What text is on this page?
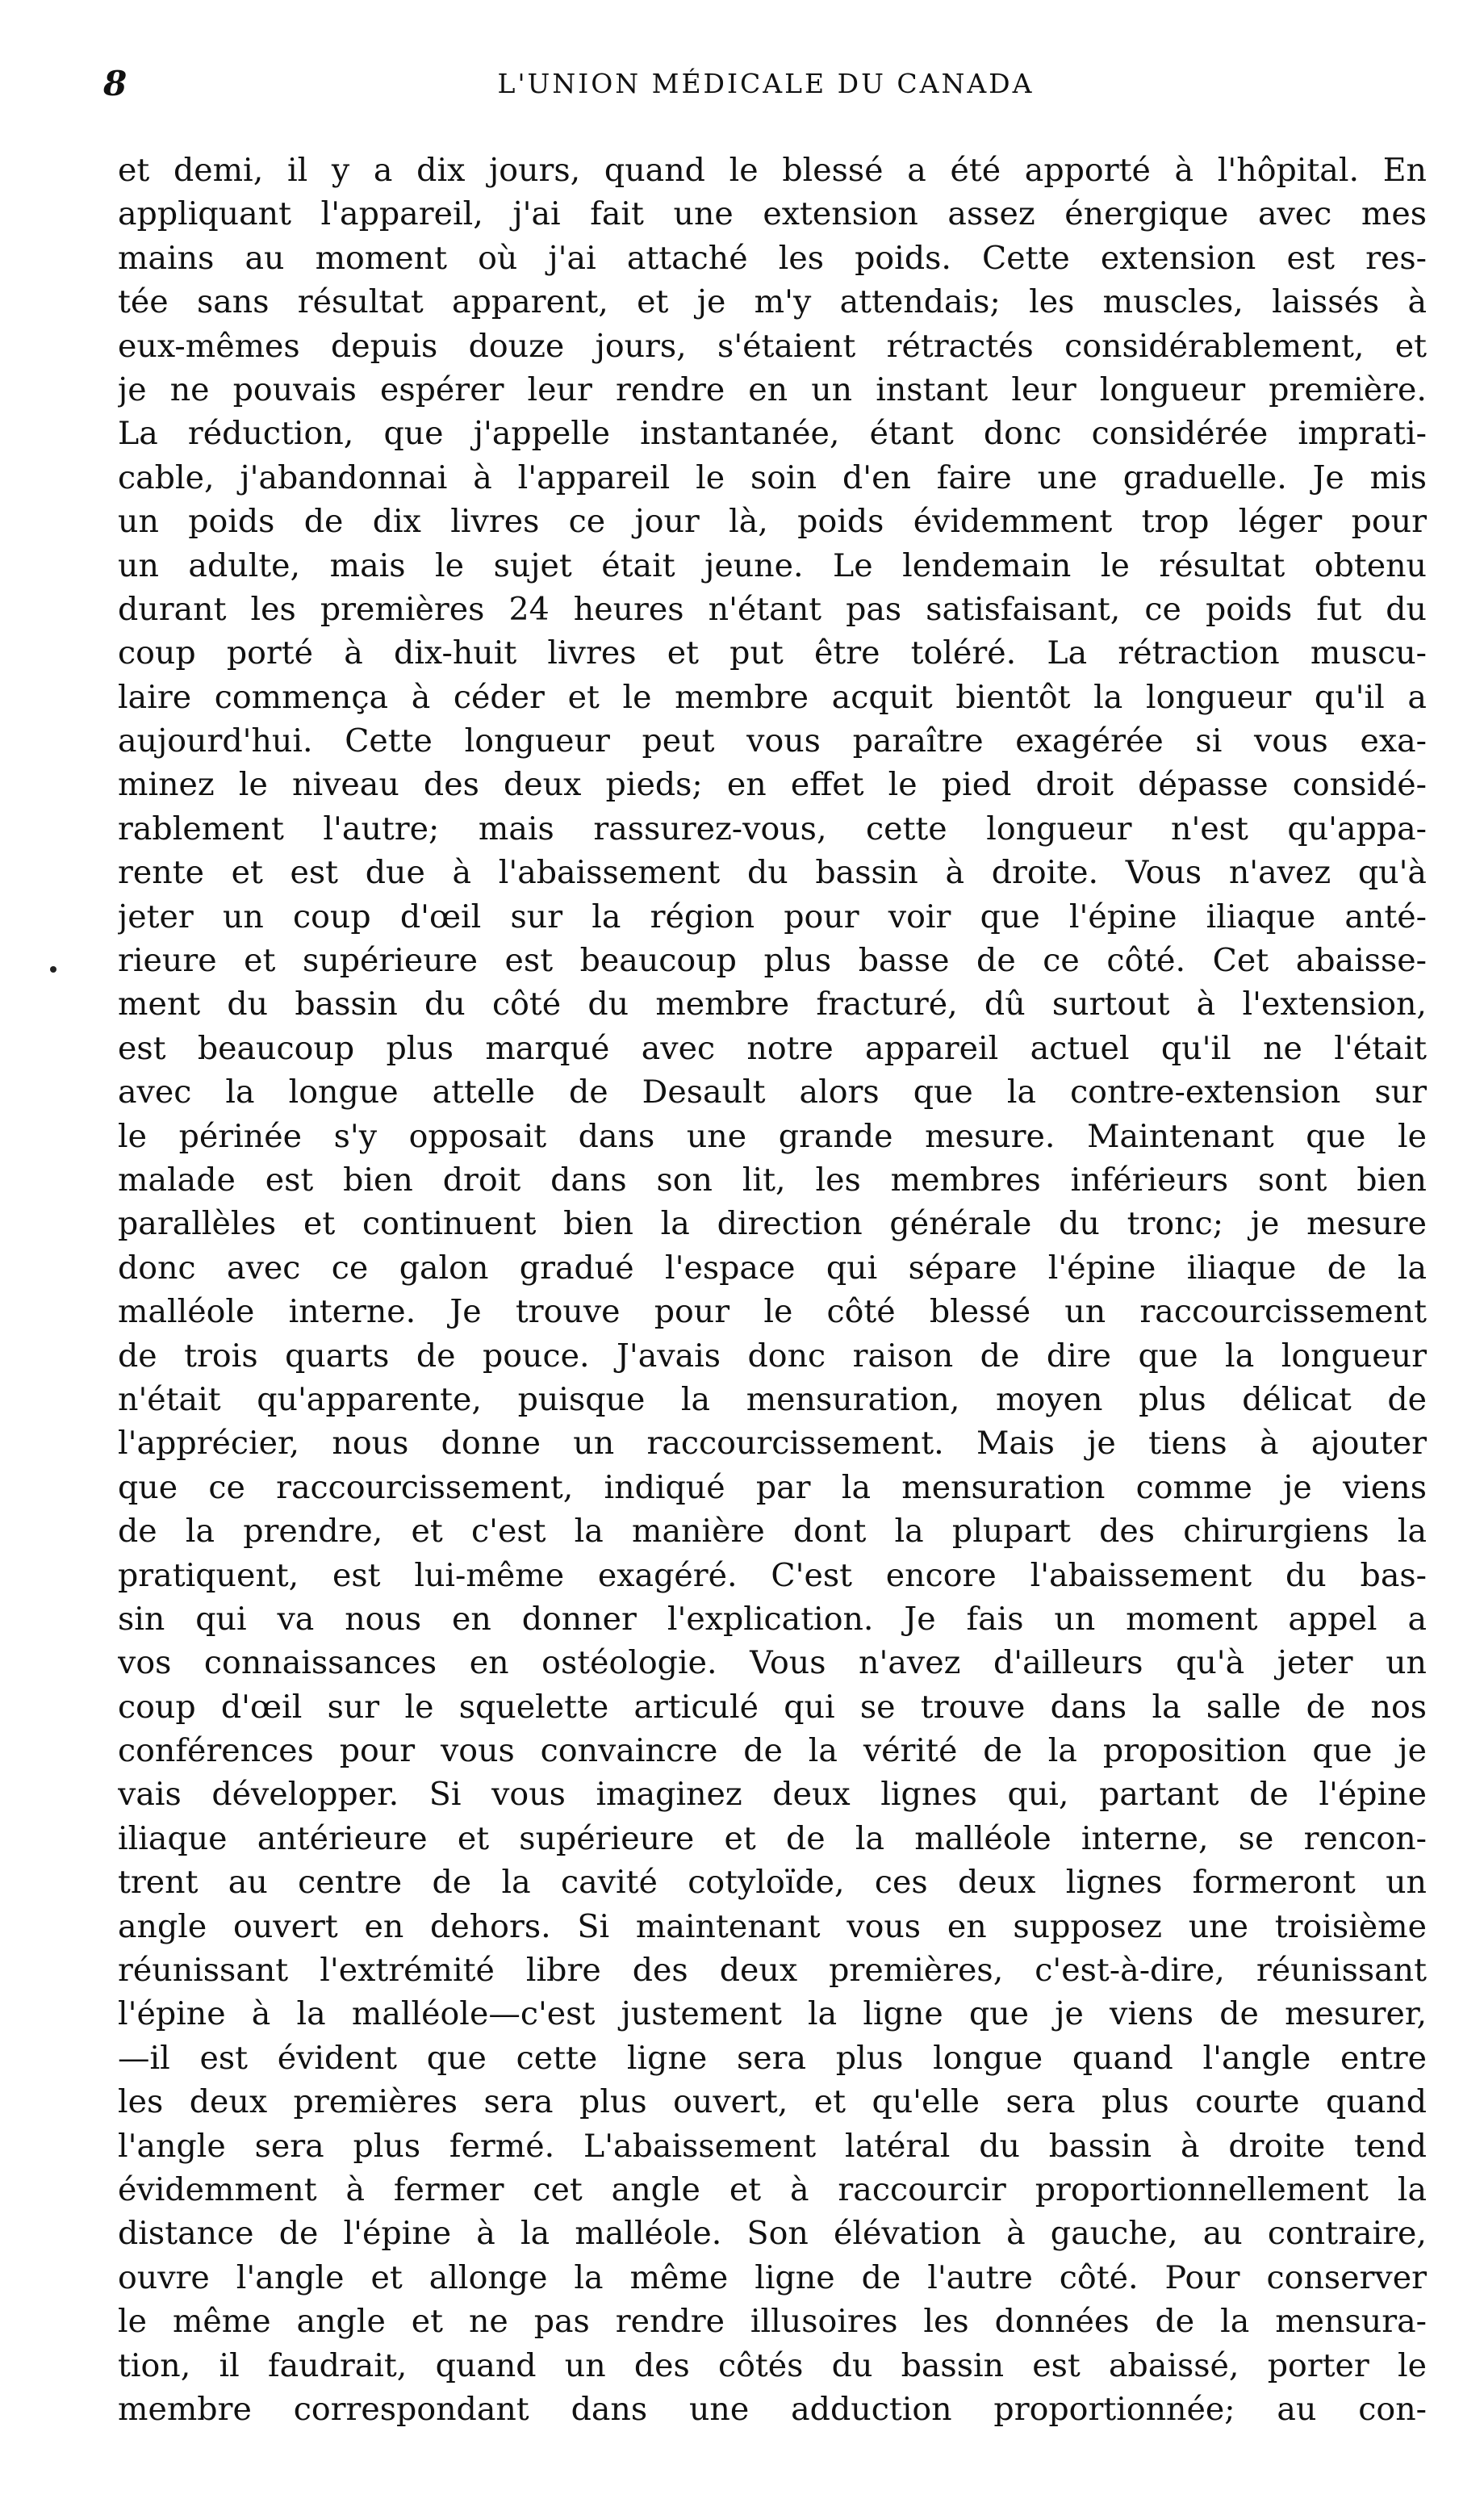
8	L'UNION MÉDICALE DU CANADA
et demi, il y a dix jours, quand le blessé a été apporté à l'hôpital. En
appliquant l'appareil, j'ai fait une extension assez énergique avec mes
mains au moment où j'ai attaché les poids. Cette extension est res-
tée sans résultat apparent, et je m'y attendais; les muscles, laissés à
eux-mêmes depuis douze jours, s'étaient rétractés considérablement, et
je ne pouvais espérer leur rendre en un instant leur longueur première.
La réduction, que j'appelle instantanée, étant donc considérée imprati-
cable, j'abandonnai à l'appareil le soin d'en faire une graduelle. Je mis
un poids de dix livres ce jour là, poids évidemment trop léger pour
un adulte, mais le sujet était jeune. Le lendemain le résultat obtenu
durant les premières 24 heures n'étant pas satisfaisant, ce poids fut du
coup porté à dix-huit livres et put être toléré. La rétraction muscu-
laire commença à céder et le membre acquit bientôt la longueur qu'il a
aujourd'hui. Cette longueur peut vous paraître exagérée si vous exa-
minez le niveau des deux pieds; en effet le pied droit dépasse considé-
rablement l'autre; mais rassurez-vous, cette longueur n'est qu'appa-
rente et est due à l'abaissement du bassin à droite. Vous n'avez qu'à
jeter un coup d'œil sur la région pour voir que l'épine iliaque anté-
rieure et supérieure est beaucoup plus basse de ce côté. Cet abaisse-
ment du bassin du côté du membre fracturé, dû surtout à l'extension,
est beaucoup plus marqué avec notre appareil actuel qu'il ne l'était
avec la longue attelle de Desault alors que la contre-extension sur
le périnée s'y opposait dans une grande mesure. Maintenant que le
malade est bien droit dans son lit, les membres inférieurs sont bien
parallèles et continuent bien la direction générale du tronc; je mesure
donc avec ce galon gradué l'espace qui sépare l'épine iliaque de la
malléole interne. Je trouve pour le côté blessé un raccourcissement
de trois quarts de pouce. J'avais donc raison de dire que la longueur
n'était qu'apparente, puisque la mensuration, moyen plus délicat de
l'apprécier, nous donne un raccourcissement. Mais je tiens à ajouter
que ce raccourcissement, indiqué par la mensuration comme je viens
de la prendre, et c'est la manière dont la plupart des chirurgiens la
pratiquent, est lui-même exagéré. C'est encore l'abaissement du bas-
sin qui va nous en donner l'explication. Je fais un moment appel a
vos connaissances en ostéologie. Vous n'avez d'ailleurs qu'à jeter un
coup d'œil sur le squelette articulé qui se trouve dans la salle de nos
conférences pour vous convaincre de la vérité de la proposition que je
vais développer. Si vous imaginez deux lignes qui, partant de l'épine
iliaque antérieure et supérieure et de la malléole interne, se rencon-
trent au centre de la cavité cotyloïde, ces deux lignes formeront un
angle ouvert en dehors. Si maintenant vous en supposez une troisième
réunissant l'extrémité libre des deux premières, c'est-à-dire, réunissant
l'épine à la malléole—c'est justement la ligne que je viens de mesurer,
—il est évident que cette ligne sera plus longue quand l'angle entre
les deux premières sera plus ouvert, et qu'elle sera plus courte quand
l'angle sera plus fermé. L'abaissement latéral du bassin à droite tend
évidemment à fermer cet angle et à raccourcir proportionnellement la
distance de l'épine à la malléole. Son élévation à gauche, au contraire,
ouvre l'angle et allonge la même ligne de l'autre côté. Pour conserver
le même angle et ne pas rendre illusoires les données de la mensura-
tion, il faudrait, quand un des côtés du bassin est abaissé, porter le
membre correspondant dans une adduction proportionnée; au con-
